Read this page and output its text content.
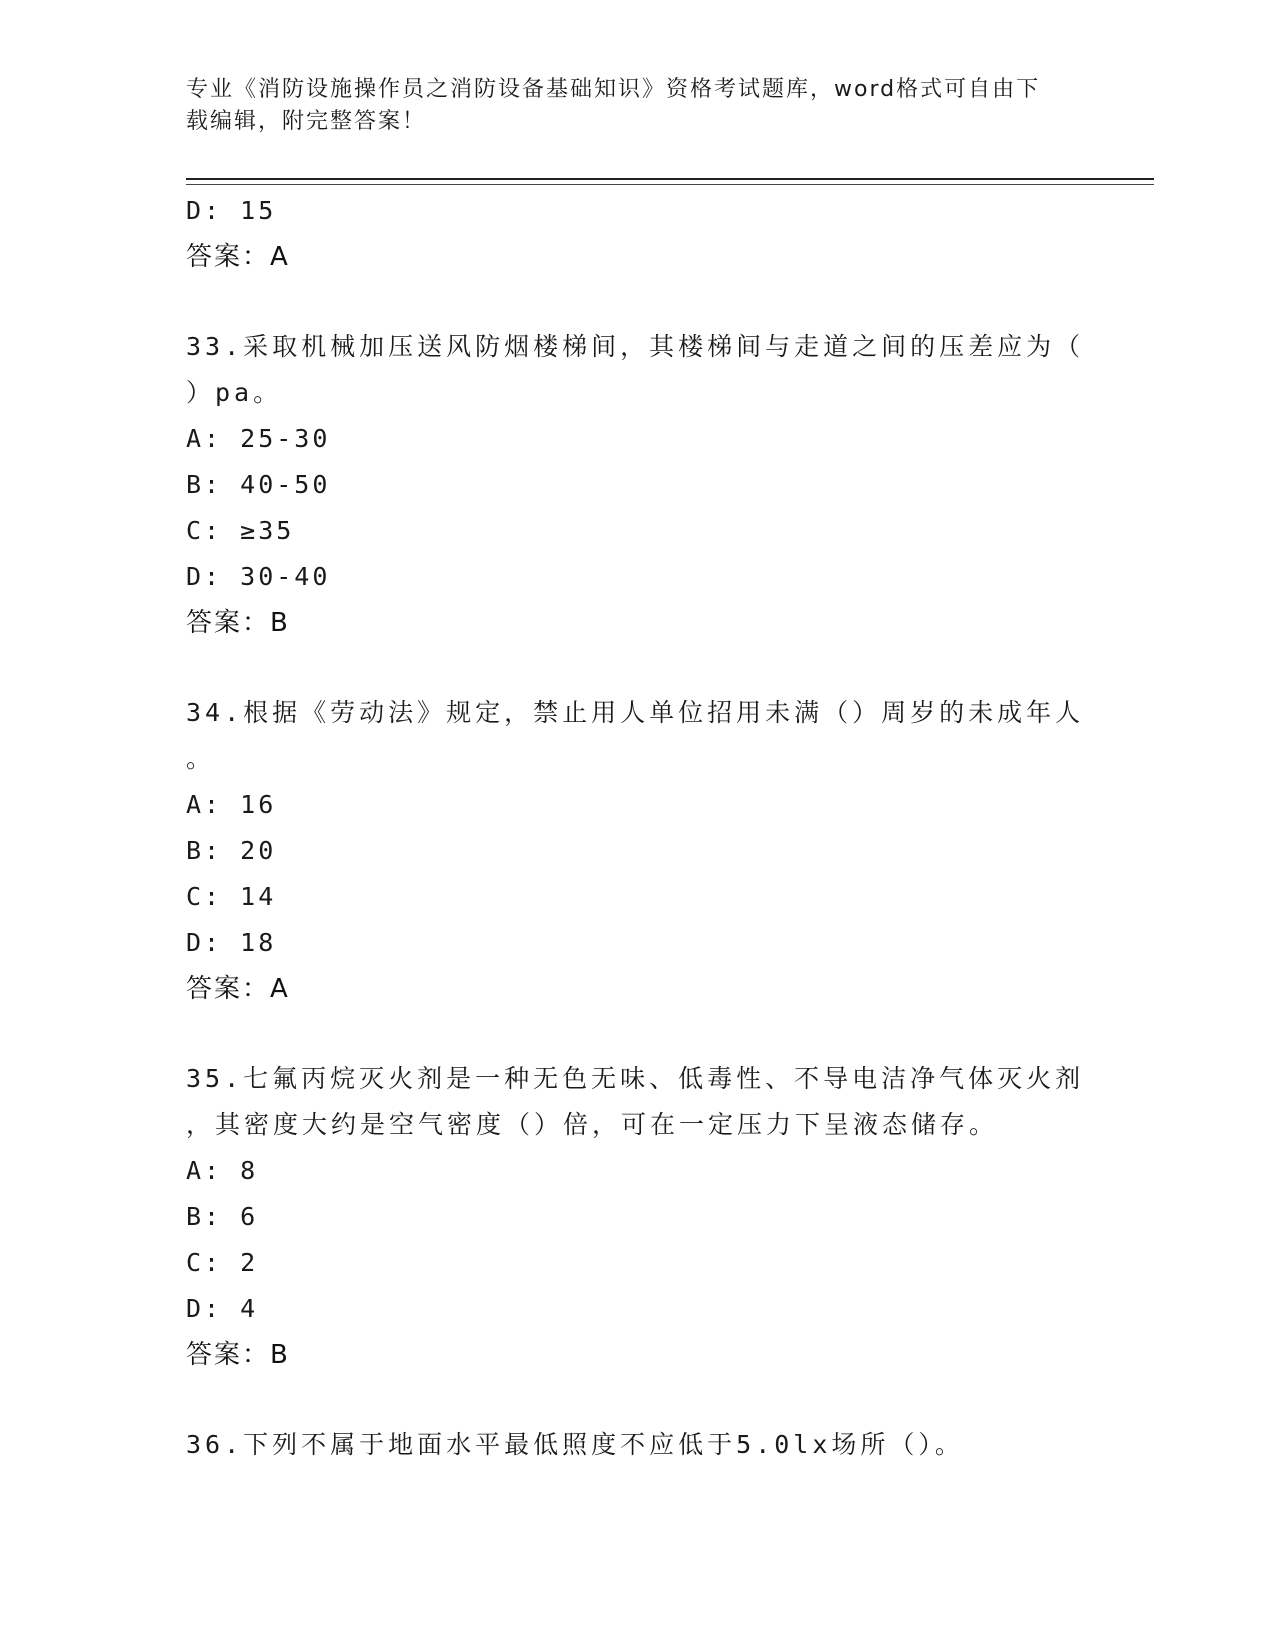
专业《消防设施操作员之消防设备基础知识》资格考试题库，word格式可自由下
载编辑，附完整答案！
D: 15
答案：A
33.采取机械加压送风防烟楼梯间，其楼梯间与走道之间的压差应为（
）pa。
A: 25-30
B: 40-50
C: ≥35
D: 30-40
答案：B
34.根据《劳动法》规定，禁止用人单位招用未满（）周岁的未成年人
。
A: 16
B: 20
C: 14
D: 18
答案：A
35.七氟丙烷灭火剂是一种无色无味、低毒性、不导电洁净气体灭火剂
，其密度大约是空气密度（）倍，可在一定压力下呈液态储存。
A: 8
B: 6
C: 2
D: 4
答案：B
36.下列不属于地面水平最低照度不应低于5.0lx场所（）。
